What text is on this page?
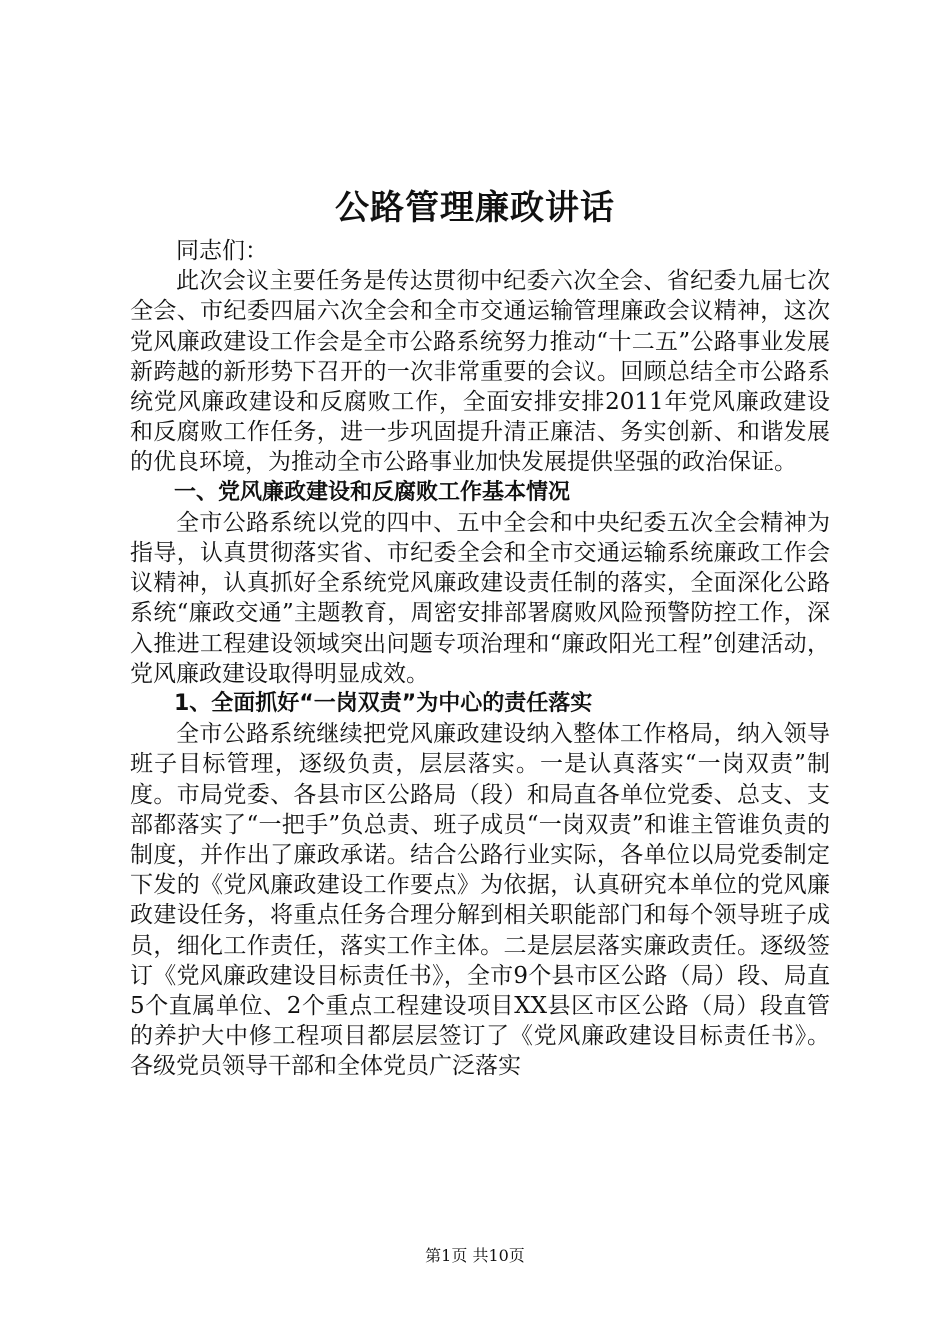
公路管理廉政讲话

同志们：

此次会议主要任务是传达贯彻中纪委六次全会、省纪委九届七次全会、市纪委四届六次全会和全市交通运输管理廉政会议精神，这次党风廉政建设工作会是全市公路系统努力推动“十二五”公路事业发展新跨越的新形势下召开的一次非常重要的会议。回顾总结全市公路系统党风廉政建设和反腐败工作，全面安排安排2011年党风廉政建设和反腐败工作任务，进一步巩固提升清正廉洁、务实创新、和谐发展的优良环境，为推动全市公路事业加快发展提供坚强的政治保证。

一、党风廉政建设和反腐败工作基本情况

全市公路系统以党的四中、五中全会和中央纪委五次全会精神为指导，认真贯彻落实省、市纪委全会和全市交通运输系统廉政工作会议精神，认真抓好全系统党风廉政建设责任制的落实，全面深化公路系统“廉政交通”主题教育，周密安排部署腐败风险预警防控工作，深入推进工程建设领域突出问题专项治理和“廉政阳光工程”创建活动，党风廉政建设取得明显成效。

1、全面抓好“一岗双责”为中心的责任落实

全市公路系统继续把党风廉政建设纳入整体工作格局，纳入领导班子目标管理，逐级负责，层层落实。一是认真落实“一岗双责”制度。市局党委、各县市区公路局（段）和局直各单位党委、总支、支部都落实了“一把手”负总责、班子成员“一岗双责”和谁主管谁负责的制度，并作出了廉政承诺。结合公路行业实际，各单位以局党委制定下发的《党风廉政建设工作要点》为依据，认真研究本单位的党风廉政建设任务，将重点任务合理分解到相关职能部门和每个领导班子成员，细化工作责任，落实工作主体。二是层层落实廉政责任。逐级签订《党风廉政建设目标责任书》，全市9个县市区公路（局）段、局直5个直属单位、2个重点工程建设项目XX县区市区公路（局）段直管的养护大中修工程项目都层层签订了《党风廉政建设目标责任书》。各级党员领导干部和全体党员广泛落实

第1页 共10页
